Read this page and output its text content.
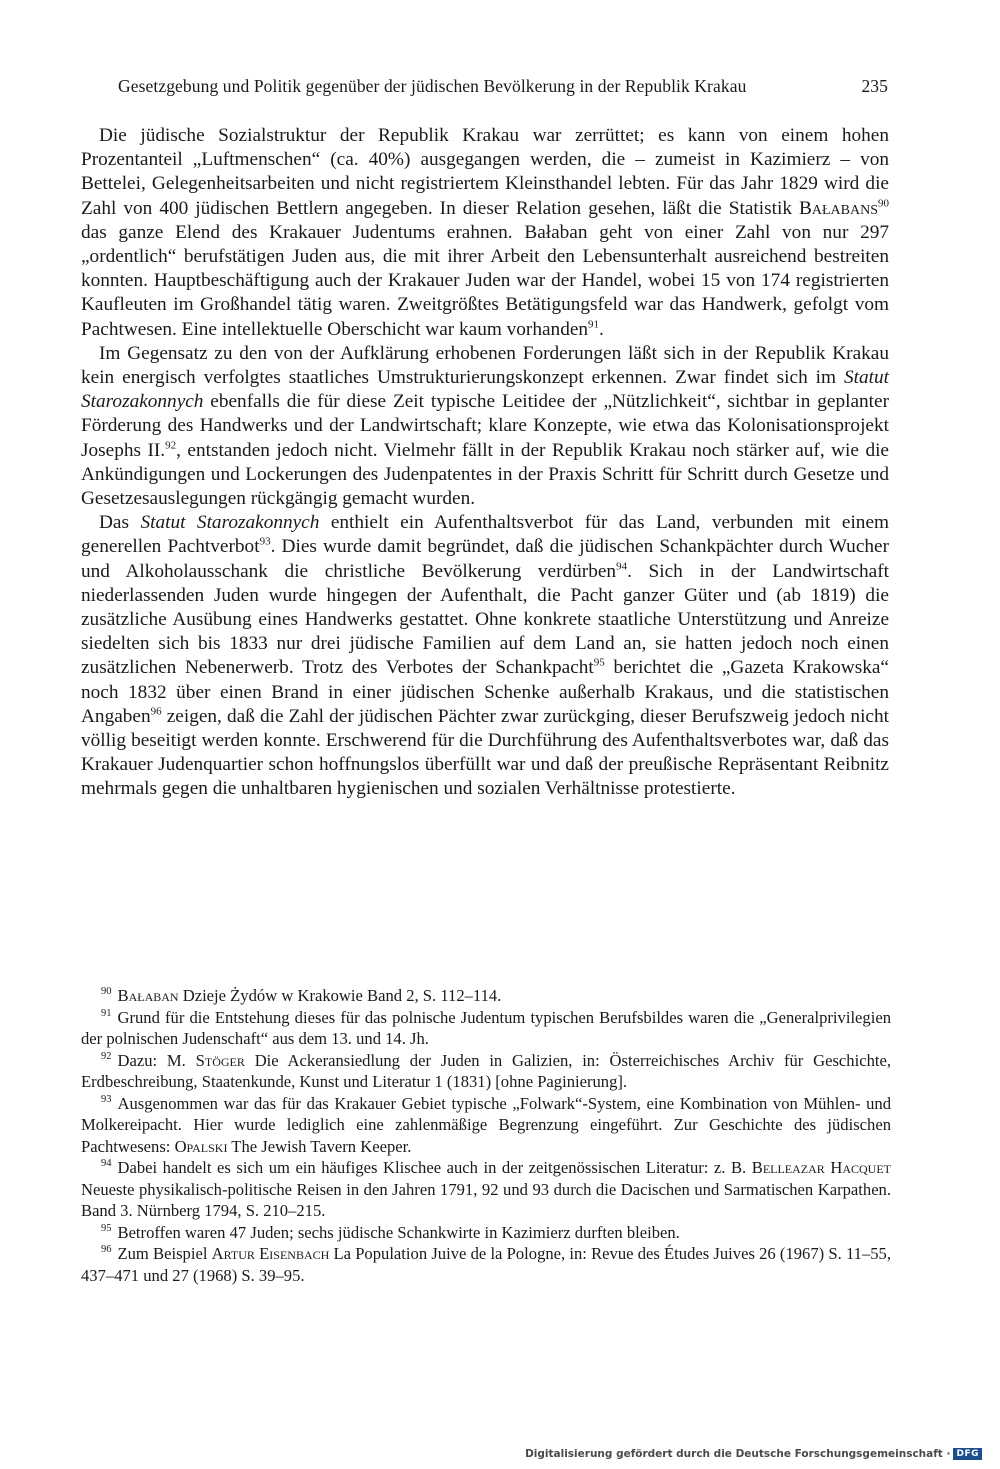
Gesetzgebung und Politik gegenüber der jüdischen Bevölkerung in der Republik Krakau	235

Die jüdische Sozialstruktur der Republik Krakau war zerrüttet; es kann von einem hohen Prozentanteil „Luftmenschen“ (ca. 40%) ausgegangen werden, die – zumeist in Kazimierz – von Bettelei, Gelegenheitsarbeiten und nicht registriertem Kleinsthandel lebten. Für das Jahr 1829 wird die Zahl von 400 jüdischen Bettlern angegeben. In dieser Relation gesehen, läßt die Statistik Bałabans$^{90}$ das ganze Elend des Krakauer Judentums erahnen. Bałaban geht von einer Zahl von nur 297 „ordentlich“ berufstätigen Juden aus, die mit ihrer Arbeit den Lebensunterhalt ausreichend bestreiten konnten. Hauptbeschäftigung auch der Krakauer Juden war der Handel, wobei 15 von 174 registrierten Kaufleuten im Großhandel tätig waren. Zweitgrößtes Betätigungsfeld war das Handwerk, gefolgt vom Pachtwesen. Eine intellektuelle Oberschicht war kaum vorhanden$^{91}$.

Im Gegensatz zu den von der Aufklärung erhobenen Forderungen läßt sich in der Republik Krakau kein energisch verfolgtes staatliches Umstrukturierungskonzept erkennen. Zwar findet sich im Statut Starozakonnych ebenfalls die für diese Zeit typische Leitidee der „Nützlichkeit“, sichtbar in geplanter Förderung des Handwerks und der Landwirtschaft; klare Konzepte, wie etwa das Kolonisationsprojekt Josephs II.$^{92}$, entstanden jedoch nicht. Vielmehr fällt in der Republik Krakau noch stärker auf, wie die Ankündigungen und Lockerungen des Judenpatentes in der Praxis Schritt für Schritt durch Gesetze und Gesetzesauslegungen rückgängig gemacht wurden.

Das Statut Starozakonnych enthielt ein Aufenthaltsverbot für das Land, verbunden mit einem generellen Pachtverbot$^{93}$. Dies wurde damit begründet, daß die jüdischen Schankpächter durch Wucher und Alkoholausschank die christliche Bevölkerung verdürben$^{94}$. Sich in der Landwirtschaft niederlassenden Juden wurde hingegen der Aufenthalt, die Pacht ganzer Güter und (ab 1819) die zusätzliche Ausübung eines Handwerks gestattet. Ohne konkrete staatliche Unterstützung und Anreize siedelten sich bis 1833 nur drei jüdische Familien auf dem Land an, sie hatten jedoch noch einen zusätzlichen Nebenerwerb. Trotz des Verbotes der Schankpacht$^{95}$ berichtet die „Gazeta Krakowska“ noch 1832 über einen Brand in einer jüdischen Schenke außerhalb Krakaus, und die statistischen Angaben$^{96}$ zeigen, daß die Zahl der jüdischen Pächter zwar zurückging, dieser Berufszweig jedoch nicht völlig beseitigt werden konnte. Erschwerend für die Durchführung des Aufenthaltsverbotes war, daß das Krakauer Judenquartier schon hoffnungslos überfüllt war und daß der preußische Repräsentant Reibnitz mehrmals gegen die unhaltbaren hygienischen und sozialen Verhältnisse protestierte.

$^{90}$ Bałaban Dzieje Żydów w Krakowie Band 2, S. 112–114.

$^{91}$ Grund für die Entstehung dieses für das polnische Judentum typischen Berufsbildes waren die „Generalprivilegien der polnischen Judenschaft“ aus dem 13. und 14. Jh.

$^{92}$ Dazu: M. Stöger Die Ackeransiedlung der Juden in Galizien, in: Österreichisches Archiv für Geschichte, Erdbeschreibung, Staatenkunde, Kunst und Literatur 1 (1831) [ohne Paginierung].

$^{93}$ Ausgenommen war das für das Krakauer Gebiet typische „Folwark“-System, eine Kombination von Mühlen- und Molkereipacht. Hier wurde lediglich eine zahlenmäßige Begrenzung eingeführt. Zur Geschichte des jüdischen Pachtwesens: Opalski The Jewish Tavern Keeper.

$^{94}$ Dabei handelt es sich um ein häufiges Klischee auch in der zeitgenössischen Literatur: z. B. Belleazar Hacquet Neueste physikalisch-politische Reisen in den Jahren 1791, 92 und 93 durch die Dacischen und Sarmatischen Karpathen. Band 3. Nürnberg 1794, S. 210–215.

$^{95}$ Betroffen waren 47 Juden; sechs jüdische Schankwirte in Kazimierz durften bleiben.

$^{96}$ Zum Beispiel Artur Eisenbach La Population Juive de la Pologne, in: Revue des Études Juives 26 (1967) S. 11–55, 437–471 und 27 (1968) S. 39–95.

Digitalisierung gefördert durch die Deutsche Forschungsgemeinschaft · DFG
